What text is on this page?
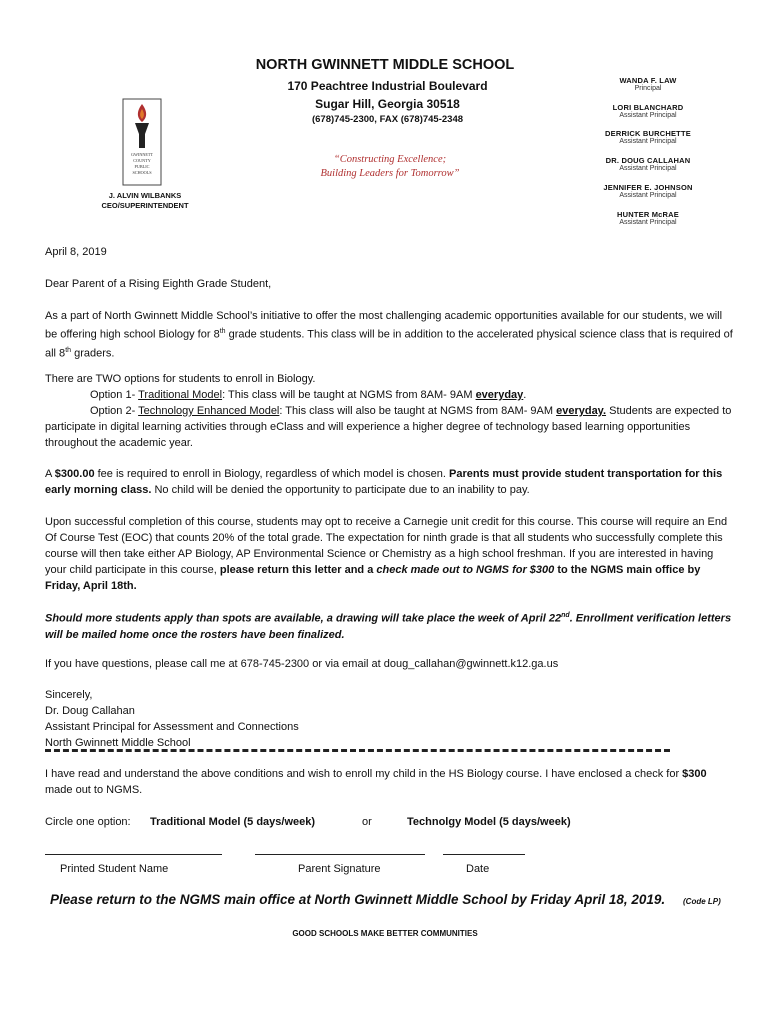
NORTH GWINNETT MIDDLE SCHOOL
170 Peachtree Industrial Boulevard
Sugar Hill, Georgia 30518
(678)745-2300, FAX (678)745-2348
“Constructing Excellence;
Building Leaders for Tomorrow”
GWINNETT
COUNTY
PUBLIC
SCHOOLS
J. ALVIN WILBANKS
CEO/SUPERINTENDENT
WANDA F. LAW
Principal
LORI BLANCHARD
Assistant Principal
DERRICK BURCHETTE
Assistant Principal
DR. DOUG CALLAHAN
Assistant Principal
JENNIFER E. JOHNSON
Assistant Principal
HUNTER McRAE
Assistant Principal
April 8, 2019
Dear Parent of a Rising Eighth Grade Student,
As a part of North Gwinnett Middle School’s initiative to offer the most challenging academic opportunities available for our students, we will be offering high school Biology for 8th grade students. This class will be in addition to the accelerated physical science class that is required of all 8th graders.
There are TWO options for students to enroll in Biology.
Option 1- Traditional Model: This class will be taught at NGMS from 8AM- 9AM everyday.
Option 2- Technology Enhanced Model: This class will also be taught at NGMS from 8AM- 9AM everyday. Students are expected to participate in digital learning activities through eClass and will experience a higher degree of technology based learning opportunities throughout the academic year.
A $300.00 fee is required to enroll in Biology, regardless of which model is chosen. Parents must provide student transportation for this early morning class. No child will be denied the opportunity to participate due to an inability to pay.
Upon successful completion of this course, students may opt to receive a Carnegie unit credit for this course. This course will require an End Of Course Test (EOC) that counts 20% of the total grade. The expectation for ninth grade is that all students who successfully complete this course will then take either AP Biology, AP Environmental Science or Chemistry as a high school freshman. If you are interested in having your child participate in this course, please return this letter and a check made out to NGMS for $300 to the NGMS main office by Friday, April 18th.
Should more students apply than spots are available, a drawing will take place the week of April 22nd. Enrollment verification letters will be mailed home once the rosters have been finalized.
If you have questions, please call me at 678-745-2300 or via email at doug_callahan@gwinnett.k12.ga.us
Sincerely,
Dr. Doug Callahan
Assistant Principal for Assessment and Connections
North Gwinnett Middle School
I have read and understand the above conditions and wish to enroll my child in the HS Biology course. I have enclosed a check for $300 made out to NGMS.
Circle one option:	Traditional Model (5 days/week)	or	Technolgy Model (5 days/week)
Printed Student Name	Parent Signature	Date
Please return to the NGMS main office at North Gwinnett Middle School by Friday April 18, 2019.	(Code LP)
GOOD SCHOOLS MAKE BETTER COMMUNITIES
